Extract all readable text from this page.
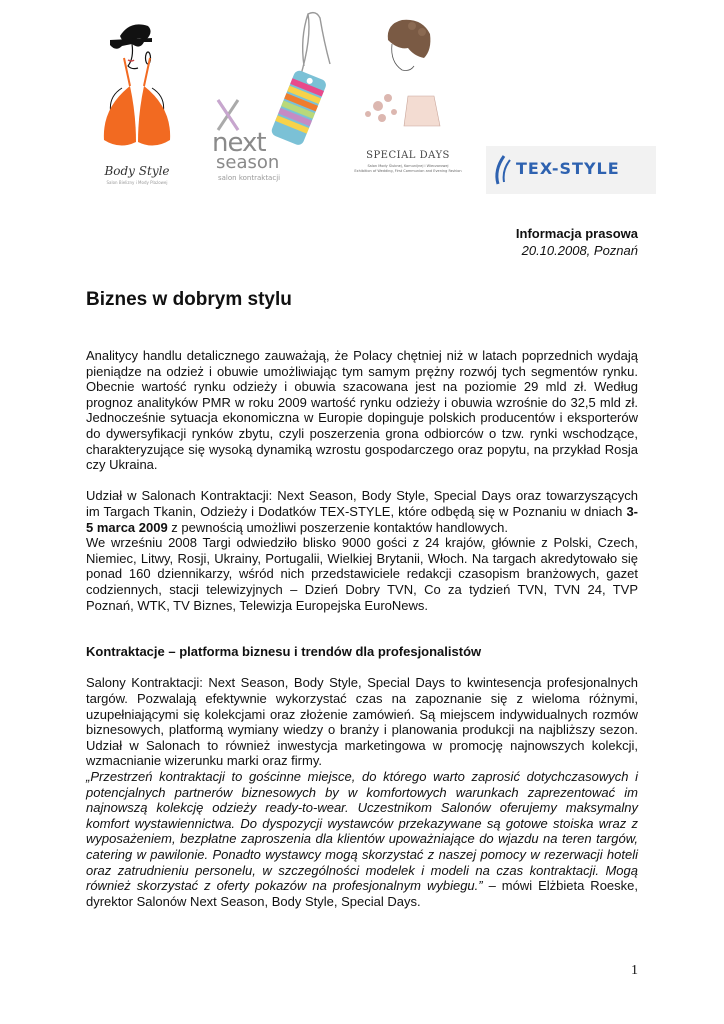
Body Style
Salon Bielizny i Mody Plażowej
next
season
salon kontraktacji
SPECIAL DAYS
Salon Mody Ślubnej, Komunijnej i Wieczorowej
Exhibition of Wedding, First Communion and Evening Fashion	TEX-STYLE
Informacja prasowa
20.10.2008, Poznań
Biznes w dobrym stylu

Analitycy handlu detalicznego zauważają, że Polacy chętniej niż w latach poprzednich wydają pieniądze na odzież i obuwie umożliwiając tym samym prężny rozwój tych segmentów rynku. Obecnie wartość rynku odzieży i obuwia szacowana jest na poziomie 29 mld zł. Według prognoz analityków PMR w roku 2009 wartość rynku odzieży i obuwia wzrośnie do 32,5 mld zł. Jednocześnie sytuacja ekonomiczna w Europie dopinguje polskich producentów i eksporterów do dywersyfikacji rynków zbytu, czyli poszerzenia grona odbiorców o tzw. rynki wschodzące, charakteryzujące się wysoką dynamiką wzrostu gospodarczego oraz popytu, na przykład Rosja czy Ukraina.

Udział w Salonach Kontraktacji: Next Season, Body Style, Special Days oraz towarzyszących im Targach Tkanin, Odzieży i Dodatków TEX-STYLE, które odbędą się w Poznaniu w dniach 3-5 marca 2009 z pewnością umożliwi poszerzenie kontaktów handlowych.

We wrześniu 2008 Targi odwiedziło blisko 9000 gości z 24 krajów, głównie z Polski, Czech, Niemiec, Litwy, Rosji, Ukrainy, Portugalii, Wielkiej Brytanii, Włoch. Na targach akredytowało się ponad 160 dziennikarzy, wśród nich przedstawiciele redakcji czasopism branżowych, gazet codziennych, stacji telewizyjnych – Dzień Dobry TVN, Co za tydzień TVN, TVN 24, TVP Poznań, WTK, TV Biznes, Telewizja Europejska EuroNews.

Kontraktacje – platforma biznesu i trendów dla profesjonalistów

Salony Kontraktacji: Next Season, Body Style, Special Days to kwintesencja profesjonalnych targów. Pozwalają efektywnie wykorzystać czas na zapoznanie się z wieloma różnymi, uzupełniającymi się kolekcjami oraz złożenie zamówień. Są miejscem indywidualnych rozmów biznesowych, platformą wymiany wiedzy o branży i planowania produkcji na najbliższy sezon. Udział w Salonach to również inwestycja marketingowa w promocję najnowszych kolekcji, wzmacnianie wizerunku marki oraz firmy.

„Przestrzeń kontraktacji to gościnne miejsce, do którego warto zaprosić dotychczasowych i potencjalnych partnerów biznesowych by w komfortowych warunkach zaprezentować im najnowszą kolekcję odzieży ready-to-wear. Uczestnikom Salonów oferujemy maksymalny komfort wystawiennictwa. Do dyspozycji wystawców przekazywane są gotowe stoiska wraz z wyposażeniem, bezpłatne zaproszenia dla klientów upoważniające do wjazdu na teren targów, catering w pawilonie. Ponadto wystawcy mogą skorzystać z naszej pomocy w rezerwacji hoteli oraz zatrudnieniu personelu, w szczególności modelek i modeli na czas kontraktacji. Mogą również skorzystać z oferty pokazów na profesjonalnym wybiegu.” – mówi Elżbieta Roeske, dyrektor Salonów Next Season, Body Style, Special Days.

1
